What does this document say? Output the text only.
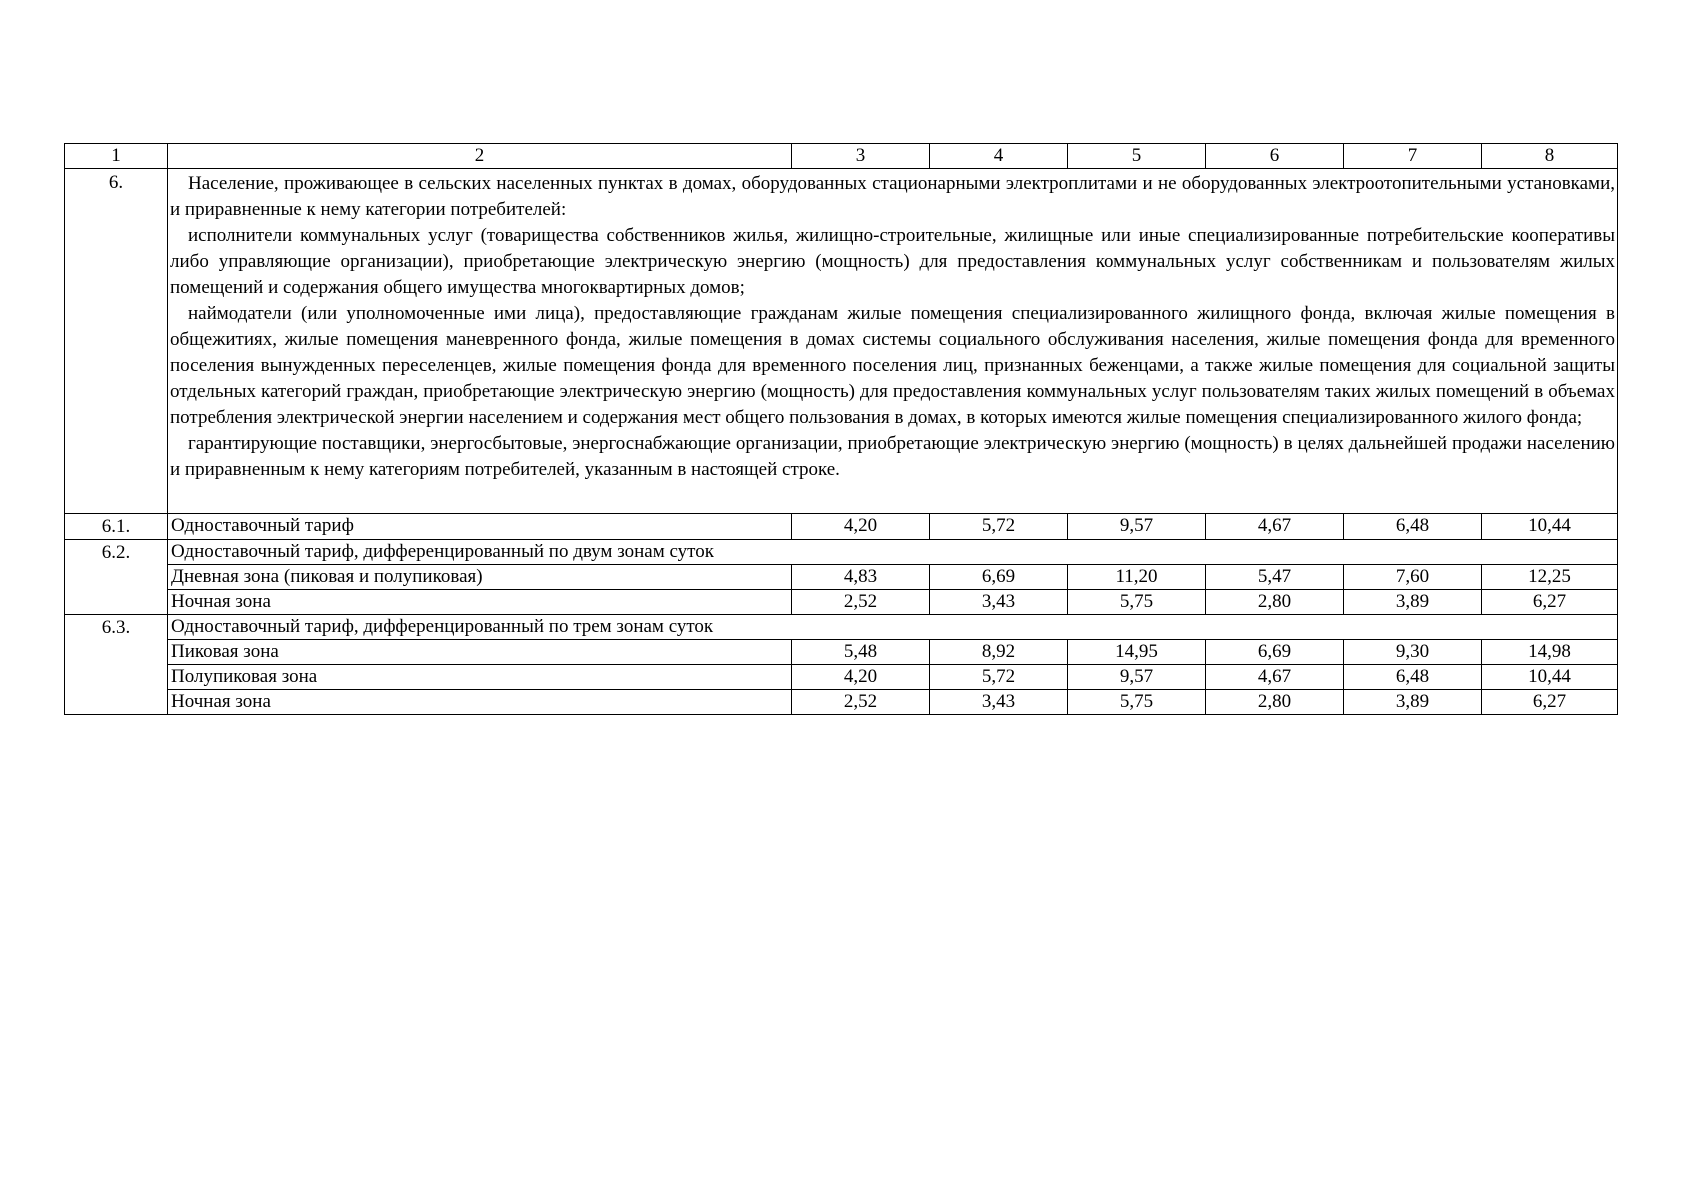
1	2	3	4	5	6	7	8
6.	Население, проживающее в сельских населенных пунктах в домах, оборудованных стационарными электроплитами и не оборудованных электроотопительными установками, и приравненные к нему категории потребителей:

исполнители коммунальных услуг (товарищества собственников жилья, жилищно-строительные, жилищные или иные специализированные потребительские кооперативы либо управляющие организации), приобретающие электрическую энергию (мощность) для предоставления коммунальных услуг собственникам и пользователям жилых помещений и содержания общего имущества многоквартирных домов;

наймодатели (или уполномоченные ими лица), предоставляющие гражданам жилые помещения специализированного жилищного фонда, включая жилые помещения в общежитиях, жилые помещения маневренного фонда, жилые помещения в домах системы социального обслуживания населения, жилые помещения фонда для временного поселения вынужденных переселенцев, жилые помещения фонда для временного поселения лиц, признанных беженцами, а также жилые помещения для социальной защиты отдельных категорий граждан, приобретающие электрическую энергию (мощность) для предоставления коммунальных услуг пользователям таких жилых помещений в объемах потребления электрической энергии населением и содержания мест общего пользования в домах, в которых имеются жилые помещения специализированного жилого фонда;

гарантирующие поставщики, энергосбытовые, энергоснабжающие организации, приобретающие электрическую энергию (мощность) в целях дальнейшей продажи населению и приравненным к нему категориям потребителей, указанным в настоящей строке.						

6.1.	Одноставочный тариф	4,20	5,72	9,57	4,67	6,48	10,44
6.2.	Одноставочный тариф, дифференцированный по двум зонам суток						
	Дневная зона (пиковая и полупиковая)	4,83	6,69	11,20	5,47	7,60	12,25
	Ночная зона	2,52	3,43	5,75	2,80	3,89	6,27
6.3.	Одноставочный тариф, дифференцированный по трем зонам суток						
	Пиковая зона	5,48	8,92	14,95	6,69	9,30	14,98
	Полупиковая зона	4,20	5,72	9,57	4,67	6,48	10,44
	Ночная зона	2,52	3,43	5,75	2,80	3,89	6,27
